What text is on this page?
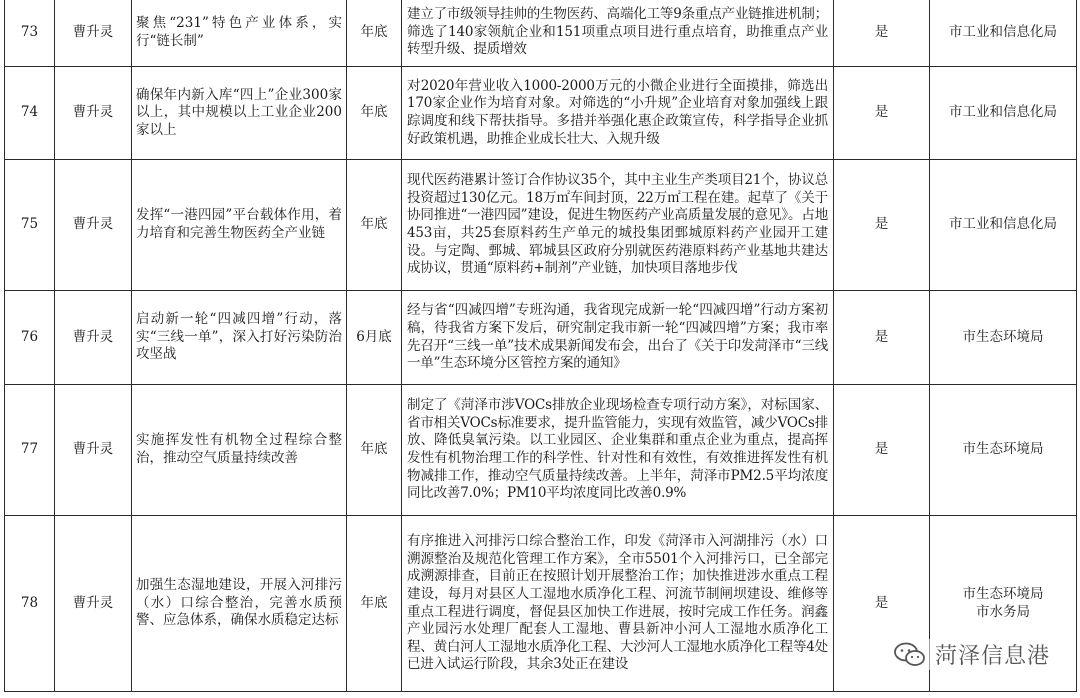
73	曹升灵	聚焦“231”特色产业体系，实行“链长制”	年底	建立了市级领导挂帅的生物医药、高端化工等9条重点产业链推进机制；筛选了140家领航企业和151项重点项目进行重点培育，助推重点产业转型升级、提质增效	是	市工业和信息化局

74	曹升灵	确保年内新入库“四上”企业300家以上，其中规模以上工业企业200家以上	年底	对2020年营业收入1000-2000万元的小微企业进行全面摸排，筛选出170家企业作为培育对象。对筛选的“小升规”企业培育对象加强线上跟踪调度和线下帮扶指导。多措并举强化惠企政策宣传，科学指导企业抓好政策机遇，助推企业成长壮大、入规升级	是	市工业和信息化局

75	曹升灵	发挥“一港四园”平台载体作用，着力培育和完善生物医药全产业链	年底	现代医药港累计签订合作协议35个，其中主业生产类项目21个，协议总投资超过130亿元。18万㎡车间封顶，22万㎡工程在建。起草了《关于协同推进“一港四园”建设，促进生物医药产业高质量发展的意见》。占地453亩，共25套原料药生产单元的城投集团鄄城原料药产业园开工建设。与定陶、鄄城、郓城县区政府分别就医药港原料药产业基地共建达成协议，贯通“原料药+制剂”产业链，加快项目落地步伐	是	市工业和信息化局

76	曹升灵	启动新一轮“四减四增”行动，落实“三线一单”，深入打好污染防治攻坚战	6月底	经与省“四减四增”专班沟通，我省现完成新一轮“四减四增”行动方案初稿，待我省方案下发后，研究制定我市新一轮“四减四增”方案；我市率先召开“三线一单”技术成果新闻发布会，出台了《关于印发菏泽市“三线一单”生态环境分区管控方案的通知》	是	市生态环境局

77	曹升灵	实施挥发性有机物全过程综合整治，推动空气质量持续改善	年底	制定了《菏泽市涉VOCs排放企业现场检查专项行动方案》，对标国家、省市相关VOCs标准要求，提升监管能力，实现有效监管，减少VOCs排放、降低臭氧污染。以工业园区、企业集群和重点企业为重点，提高挥发性有机物治理工作的科学性、针对性和有效性，有效推进挥发性有机物减排工作，推动空气质量持续改善。上半年，菏泽市PM2.5平均浓度同比改善7.0%；PM10平均浓度同比改善0.9%	是	市生态环境局

78	曹升灵	加强生态湿地建设，开展入河排污（水）口综合整治，完善水质预警、应急体系，确保水质稳定达标	年底	有序推进入河排污口综合整治工作，印发《菏泽市入河湖排污（水）口溯源整治及规范化管理工作方案》，全市5501个入河排污口，已全部完成溯源排查，目前正在按照计划开展整治工作；加快推进涉水重点工程建设，每月对县区人工湿地水质净化工程、河流节制闸坝建设、维修等重点工程进行调度，督促县区加快工作进展，按时完成工作任务。润鑫产业园污水处理厂配套人工湿地、曹县新冲小河人工湿地水质净化工程、黄白河人工湿地水质净化工程、大沙河人工湿地水质净化工程等4处已进入试运行阶段，其余3处正在建设	是	市生态环境局
市水务局
菏泽信息港
